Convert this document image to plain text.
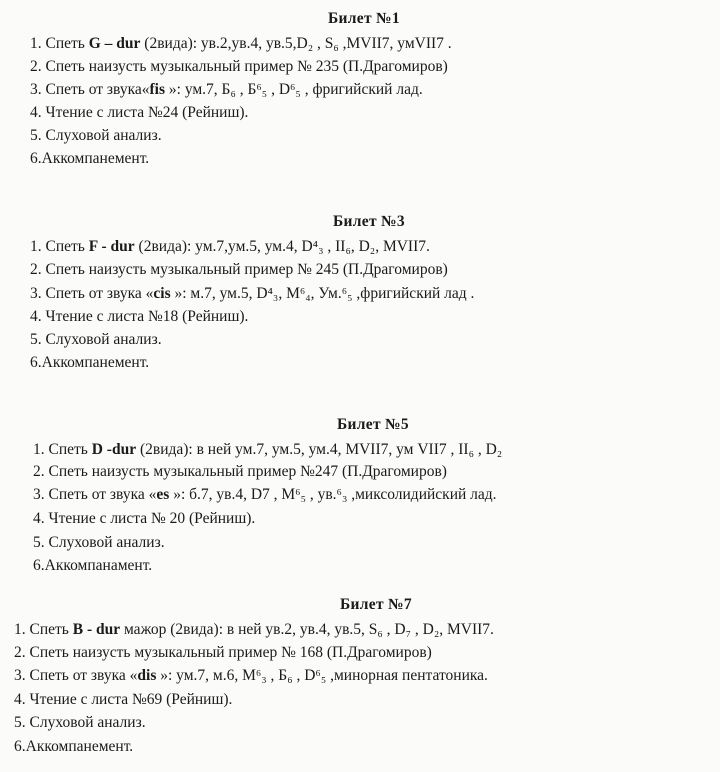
Билет №1
1. Спеть G – dur (2вида): ув.2,ув.4, ув.5,D₂ , S₆ ,MVII7, умVII7 .
2. Спеть наизусть музыкальный пример № 235 (П.Драгомиров)
3. Спеть от звука«fis »: ум.7, Б₆ , Б⁶₅ , D⁶₅ , фригийский лад.
4. Чтение с листа №24 (Рейниш).
5. Слуховой анализ.
6.Аккомпанемент.
Билет №3
1. Спеть F - dur (2вида): ум.7,ум.5, ум.4, D⁴₃ , II₆, D₂, MVII7.
2. Спеть наизусть музыкальный пример № 245 (П.Драгомиров)
3. Спеть от звука «cis »: м.7, ум.5, D⁴₃, M⁶₄, Ум.⁶₅ ,фригийский лад .
4. Чтение с листа №18 (Рейниш).
5. Слуховой анализ.
6.Аккомпанемент.
Билет №5
1. Спеть D -dur (2вида): в ней ум.7, ум.5, ум.4, MVII7, ум VII7 , II₆ , D₂
2. Спеть наизусть музыкальный пример №247 (П.Драгомиров)
3. Спеть от звука «es »: б.7, ув.4, D7 , M⁶₅ , ув.⁶₃ ,миксолидийский лад.
4. Чтение с листа № 20 (Рейниш).
5. Слуховой анализ.
6.Аккомпанамент.
Билет №7
1. Спеть B - dur мажор (2вида): в ней ув.2, ув.4, ув.5, S₆ , D₇ , D₂, MVII7.
2. Спеть наизусть музыкальный пример № 168 (П.Драгомиров)
3. Спеть от звука «dis »: ум.7, м.6, M⁶₃ , Б₆ , D⁶₅ ,минорная пентатоника.
4. Чтение с листа №69 (Рейниш).
5. Слуховой анализ.
6.Аккомпанемент.
